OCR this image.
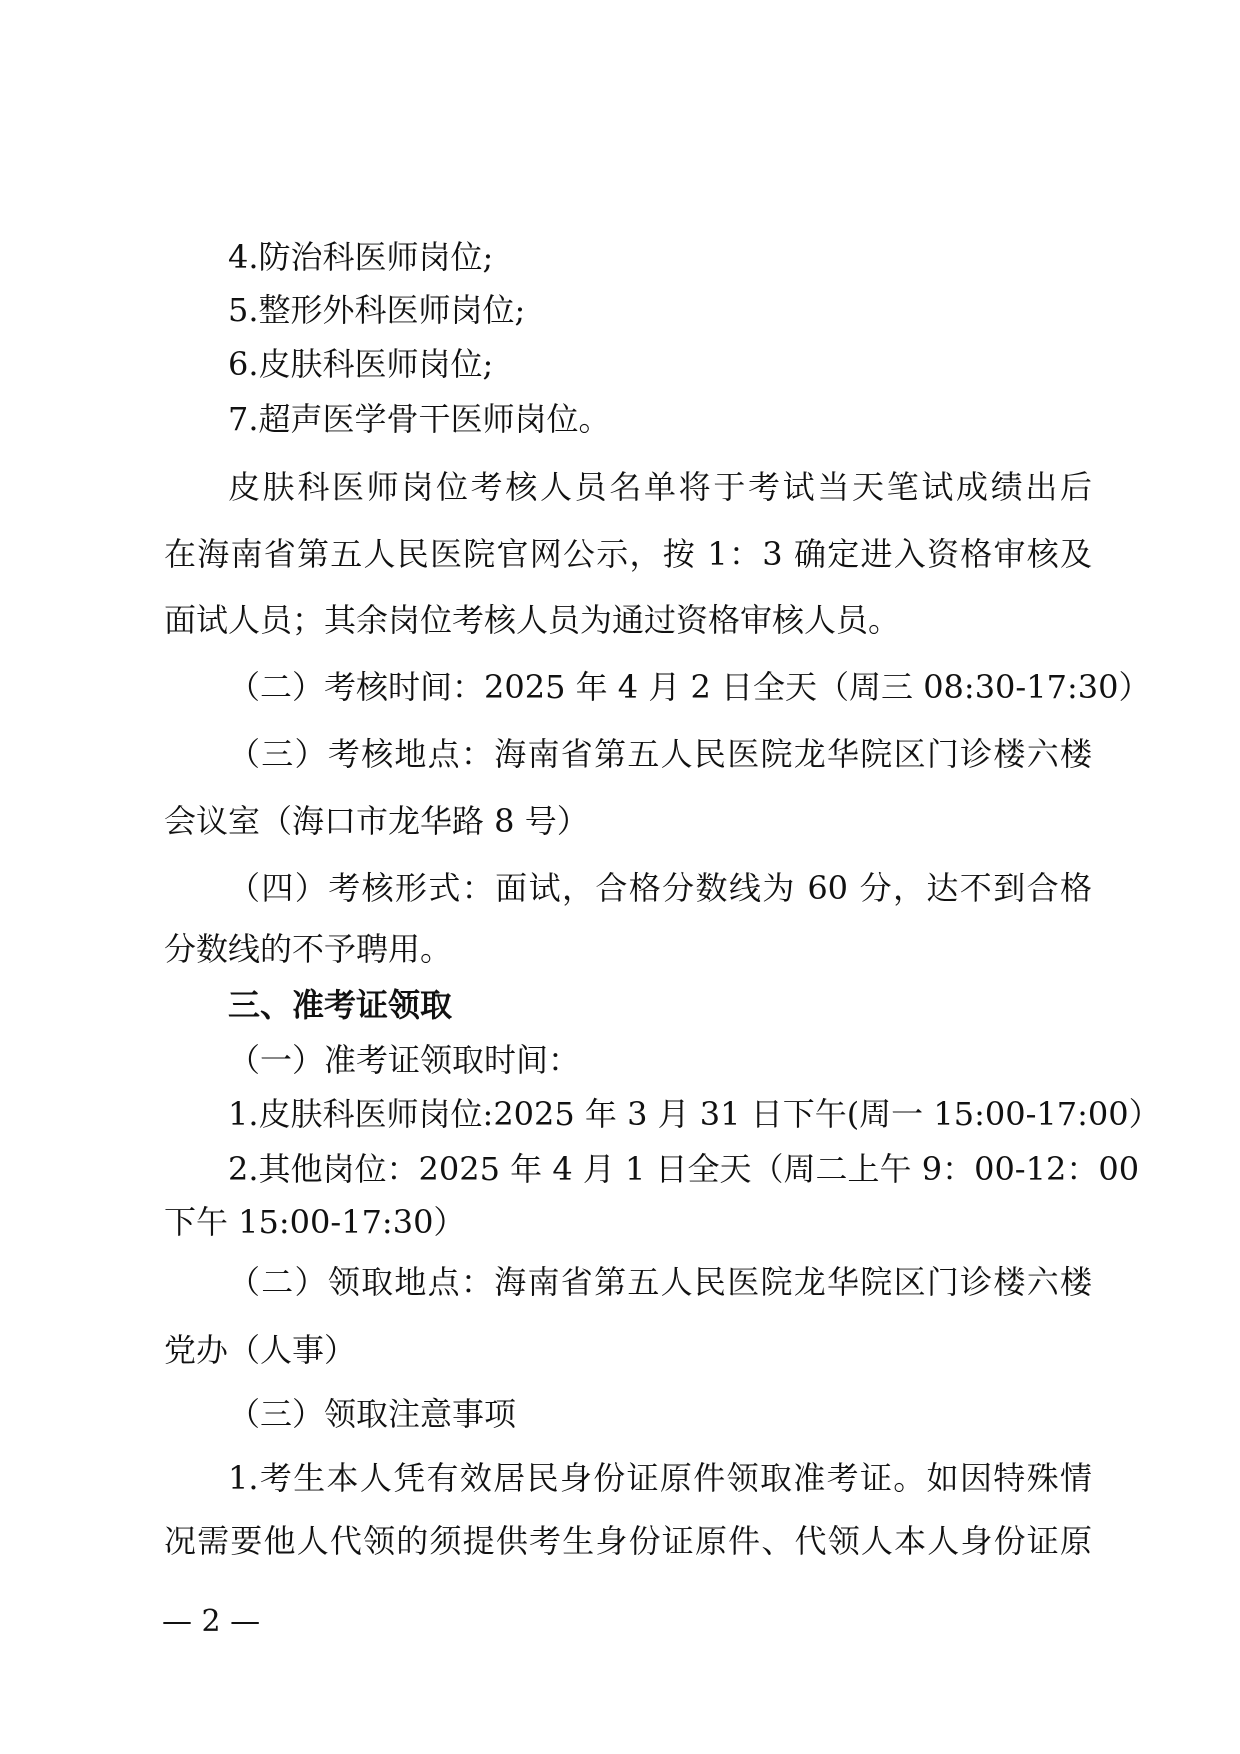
4.防治科医师岗位;
5.整形外科医师岗位;
6.皮肤科医师岗位;
7.超声医学骨干医师岗位。
皮肤科医师岗位考核人员名单将于考试当天笔试成绩出后
在海南省第五人民医院官网公示，按 1：3 确定进入资格审核及
面试人员；其余岗位考核人员为通过资格审核人员。
（二）考核时间：2025 年 4 月 2 日全天（周三 08:30-17:30）
（三）考核地点：海南省第五人民医院龙华院区门诊楼六楼
会议室（海口市龙华路 8 号）
（四）考核形式：面试，合格分数线为 60 分，达不到合格
分数线的不予聘用。
三、准考证领取
（一）准考证领取时间：
1.皮肤科医师岗位:2025 年 3 月 31 日下午(周一 15:00-17:00）
2.其他岗位：2025 年 4 月 1 日全天（周二上午 9：00-12：00
下午 15:00-17:30）
（二）领取地点：海南省第五人民医院龙华院区门诊楼六楼
党办（人事）
（三）领取注意事项
1.考生本人凭有效居民身份证原件领取准考证。如因特殊情
况需要他人代领的须提供考生身份证原件、代领人本人身份证原
— 2 —
